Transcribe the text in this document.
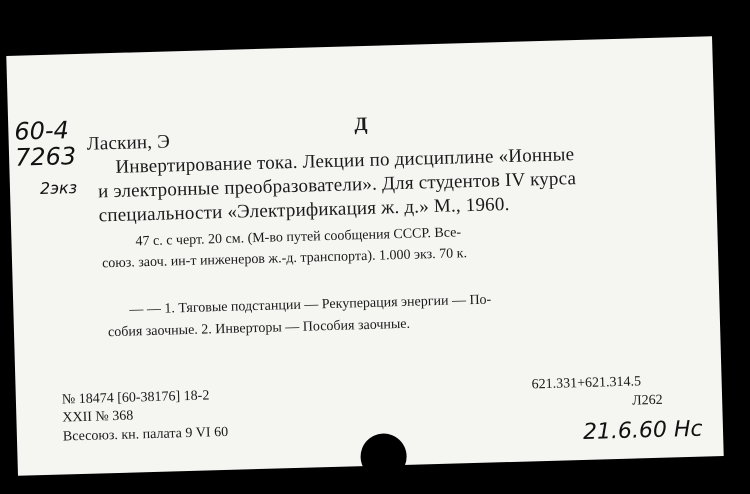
60-4
7263
2экз
Д
Ласкин, Э
Инвертирование тока. Лекции по дисциплине «Ионные
и электронные преобразователи». Для студентов IV курса
специальности «Электрификация ж. д.» М., 1960.
47 с. с черт. 20 см. (М-во путей сообщения СССР. Все-
союз. заоч. ин-т инженеров ж.-д. транспорта). 1.000 экз. 70 к.
— — 1. Тяговые подстанции — Рекуперация энергии — По-
собия заочные. 2. Инверторы — Пособия заочные.
№ 18474 [60-38176] 18-2
XXII № 368
Всесоюз. кн. палата 9 VI 60
621.331+621.314.5
Л262
21.6.60 Нс
